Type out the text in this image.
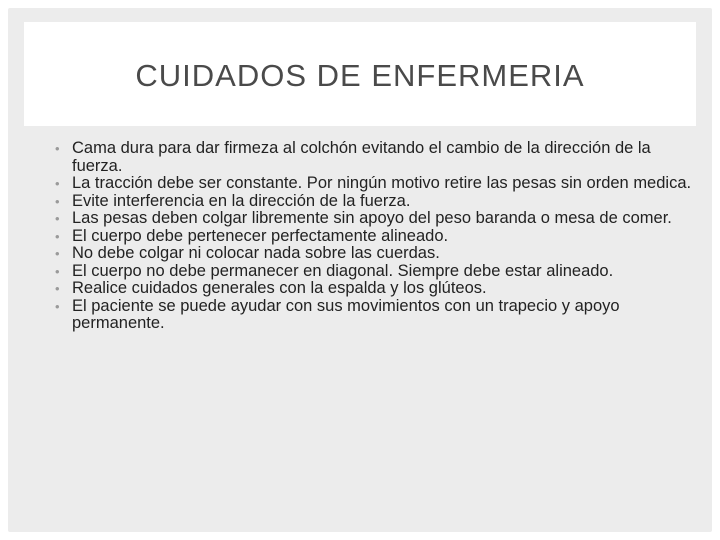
CUIDADOS DE ENFERMERIA
• Cama dura para dar firmeza al colchón evitando el cambio de la dirección de la fuerza.
• La tracción debe ser constante. Por ningún motivo retire las pesas sin orden medica.
• Evite interferencia en la dirección de la fuerza.
• Las pesas deben colgar libremente sin apoyo del peso baranda o mesa de comer.
• El cuerpo debe pertenecer perfectamente alineado.
• No debe colgar ni colocar nada sobre las cuerdas.
• El cuerpo no debe permanecer en diagonal. Siempre debe estar alineado.
• Realice cuidados generales con la espalda y los glúteos.
• El paciente se puede ayudar con sus movimientos con un trapecio y apoyo permanente.
